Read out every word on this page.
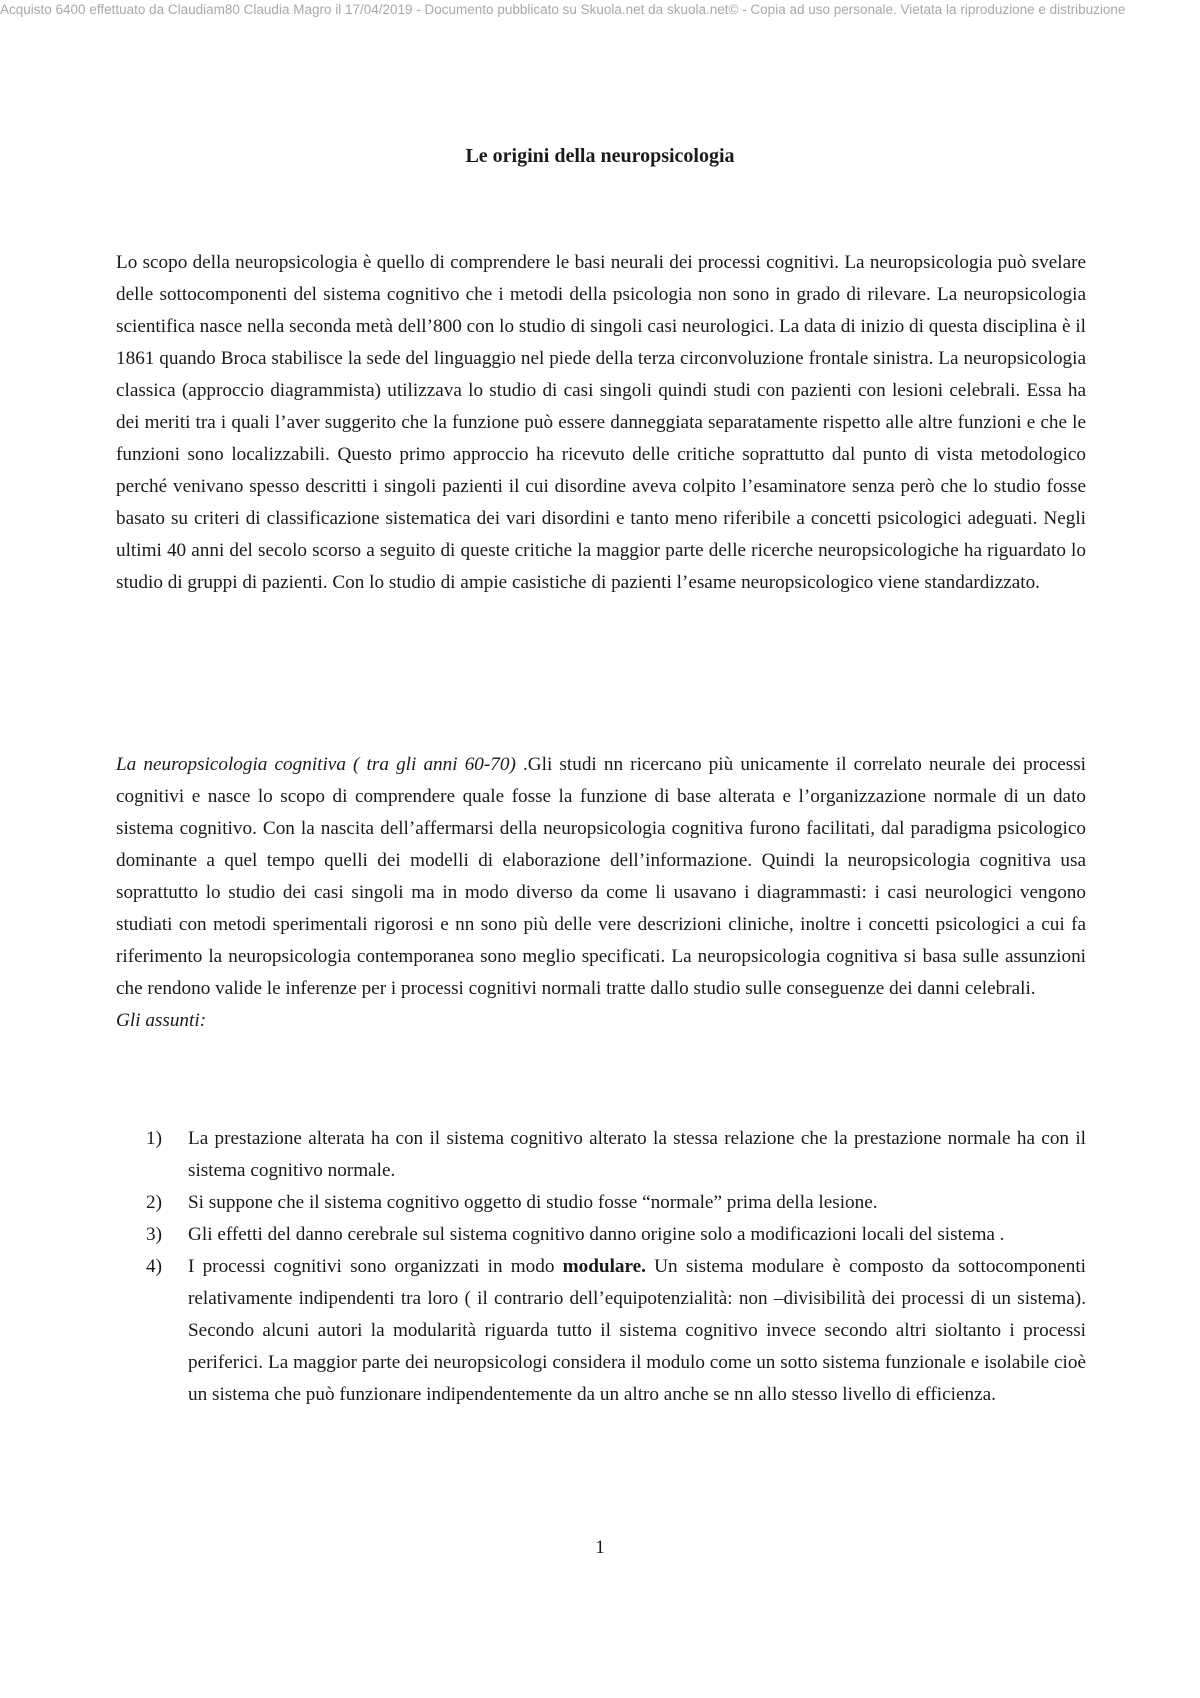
Acquisto 6400 effettuato da Claudiam80 Claudia Magro il 17/04/2019 - Documento pubblicato su Skuola.net da skuola.net© - Copia ad uso personale. Vietata la riproduzione e distribuzione
Le origini della neuropsicologia

Lo scopo della neuropsicologia è quello di comprendere le basi neurali dei processi cognitivi. La neuropsicologia può svelare delle sottocomponenti del sistema cognitivo che i metodi della psicologia non sono in grado di rilevare. La neuropsicologia scientifica nasce nella seconda metà dell’800 con lo studio di singoli casi neurologici. La data di inizio di questa disciplina è il 1861 quando Broca stabilisce la sede del linguaggio nel piede della terza circonvoluzione frontale sinistra. La neuropsicologia classica (approccio diagrammista) utilizzava lo studio di casi singoli quindi studi con pazienti con lesioni celebrali. Essa ha dei meriti tra i quali l’aver suggerito che la funzione può essere danneggiata separatamente rispetto alle altre funzioni e che le funzioni sono localizzabili. Questo primo approccio ha ricevuto delle critiche soprattutto dal punto di vista metodologico perché venivano spesso descritti i singoli pazienti il cui disordine aveva colpito l’esaminatore senza però che lo studio fosse basato su criteri di classificazione sistematica dei vari disordini e tanto meno riferibile a concetti psicologici adeguati. Negli ultimi 40 anni del secolo scorso a seguito di queste critiche la maggior parte delle ricerche neuropsicologiche ha riguardato lo studio di gruppi di pazienti. Con lo studio di ampie casistiche di pazienti l’esame neuropsicologico viene standardizzato.

La neuropsicologia cognitiva ( tra gli anni 60-70) .Gli studi nn ricercano più unicamente il correlato neurale dei processi cognitivi e nasce lo scopo di comprendere quale fosse la funzione di base alterata e l’organizzazione normale di un dato sistema cognitivo. Con la nascita dell’affermarsi della neuropsicologia cognitiva furono facilitati, dal paradigma psicologico dominante a quel tempo quelli dei modelli di elaborazione dell’informazione. Quindi la neuropsicologia cognitiva usa soprattutto lo studio dei casi singoli ma in modo diverso da come li usavano i diagrammasti: i casi neurologici vengono studiati con metodi sperimentali rigorosi e nn sono più delle vere descrizioni cliniche, inoltre i concetti psicologici a cui fa riferimento la neuropsicologia contemporanea sono meglio specificati. La neuropsicologia cognitiva si basa sulle assunzioni che rendono valide le inferenze per i processi cognitivi normali tratte dallo studio sulle conseguenze dei danni celebrali.
Gli assunti:

1) La prestazione alterata ha con il sistema cognitivo alterato la stessa relazione che la prestazione normale ha con il sistema cognitivo normale.
2) Si suppone che il sistema cognitivo oggetto di studio fosse “normale” prima della lesione.
3) Gli effetti del danno cerebrale sul sistema cognitivo danno origine solo a modificazioni locali del sistema .
4) I processi cognitivi sono organizzati in modo modulare. Un sistema modulare è composto da sottocomponenti relativamente indipendenti tra loro ( il contrario dell’equipotenzialità: non –divisibilità dei processi di un sistema). Secondo alcuni autori la modularità riguarda tutto il sistema cognitivo invece secondo altri sioltanto i processi periferici. La maggior parte dei neuropsicologi considera il modulo come un sotto sistema funzionale e isolabile cioè un sistema che può funzionare indipendentemente da un altro anche se nn allo stesso livello di efficienza.
1
